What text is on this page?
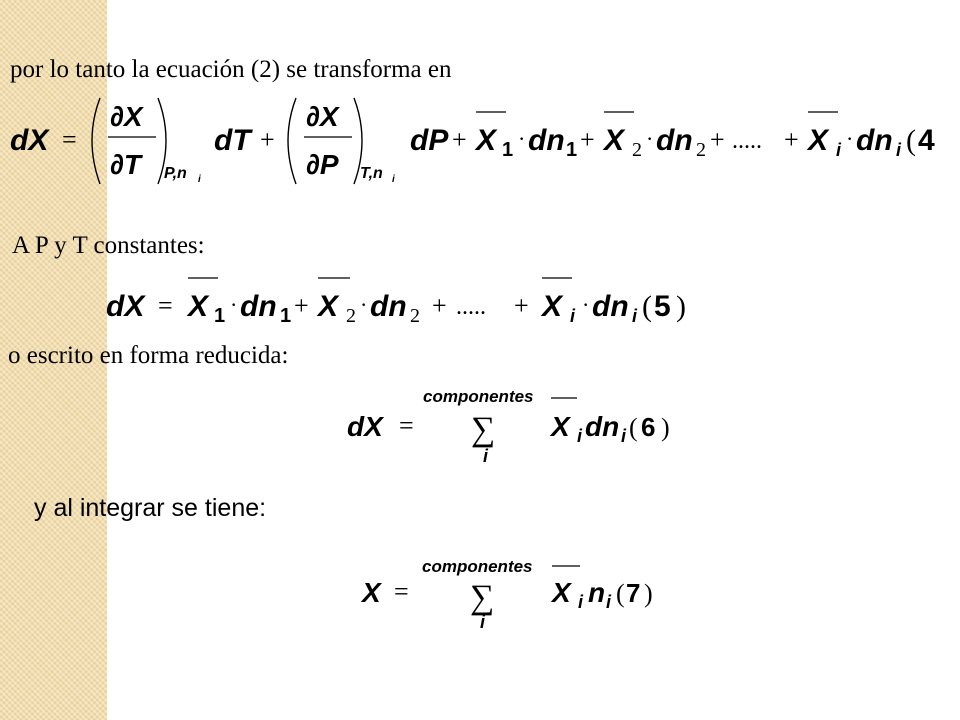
por lo tanto la ecuación (2) se transforma en
dX =
∂X
∂T P,n i
dT +
∂X
∂P T,n i
dP + X 1 · dn 1 + X 2 · dn 2 + ..... + X i · dn i ( 4
A P y T constantes:
dX = X 1 · dn 1 + X 2 · dn 2 + ..... + X i · dn i ( 5 )
o escrito en forma reducida:
dX =
componentes
∑
i
X i dn i ( 6 )
y al integrar se tiene:
X =
componentes
∑
i
X i n i ( 7 )
